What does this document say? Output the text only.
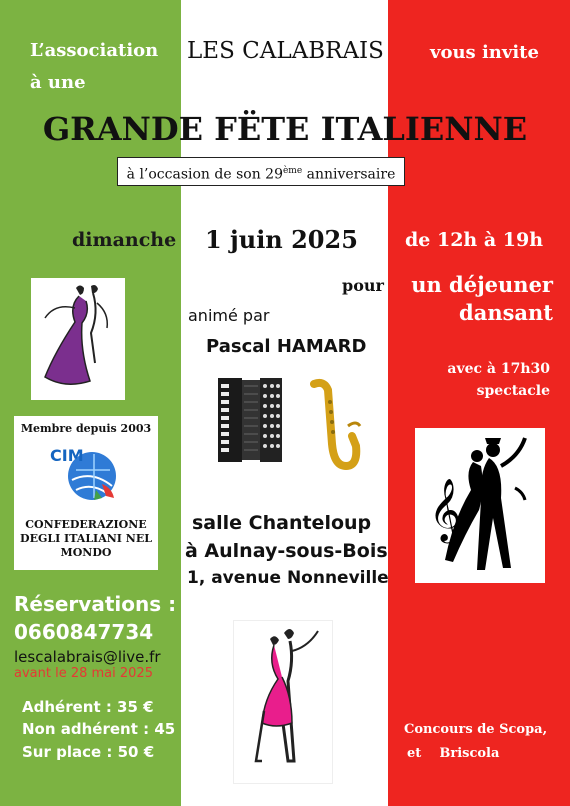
L’association
à une
LES CALABRAIS	vous invite
GRANDE FËTE ITALIENNE
à l’occasion de son 29ème anniversaire
dimanche 1 juin 2025 de 12h à 19h
pour	un déjeuner
dansant
animé par
Pascal HAMARD
avec à 17h30
spectacle
Membre depuis 2003
CIM
CONFEDERAZIONE
DEGLI ITALIANI NEL
MONDO
𝄞
salle Chanteloup
à Aulnay-sous-Bois
1, avenue Nonneville
Réservations :
0660847734
lescalabrais@live.fr
avant le 28 mai 2025
Adhérent : 35 €
Non adhérent : 45
Sur place : 50 €
Concours de Scopa,
et    Briscola
